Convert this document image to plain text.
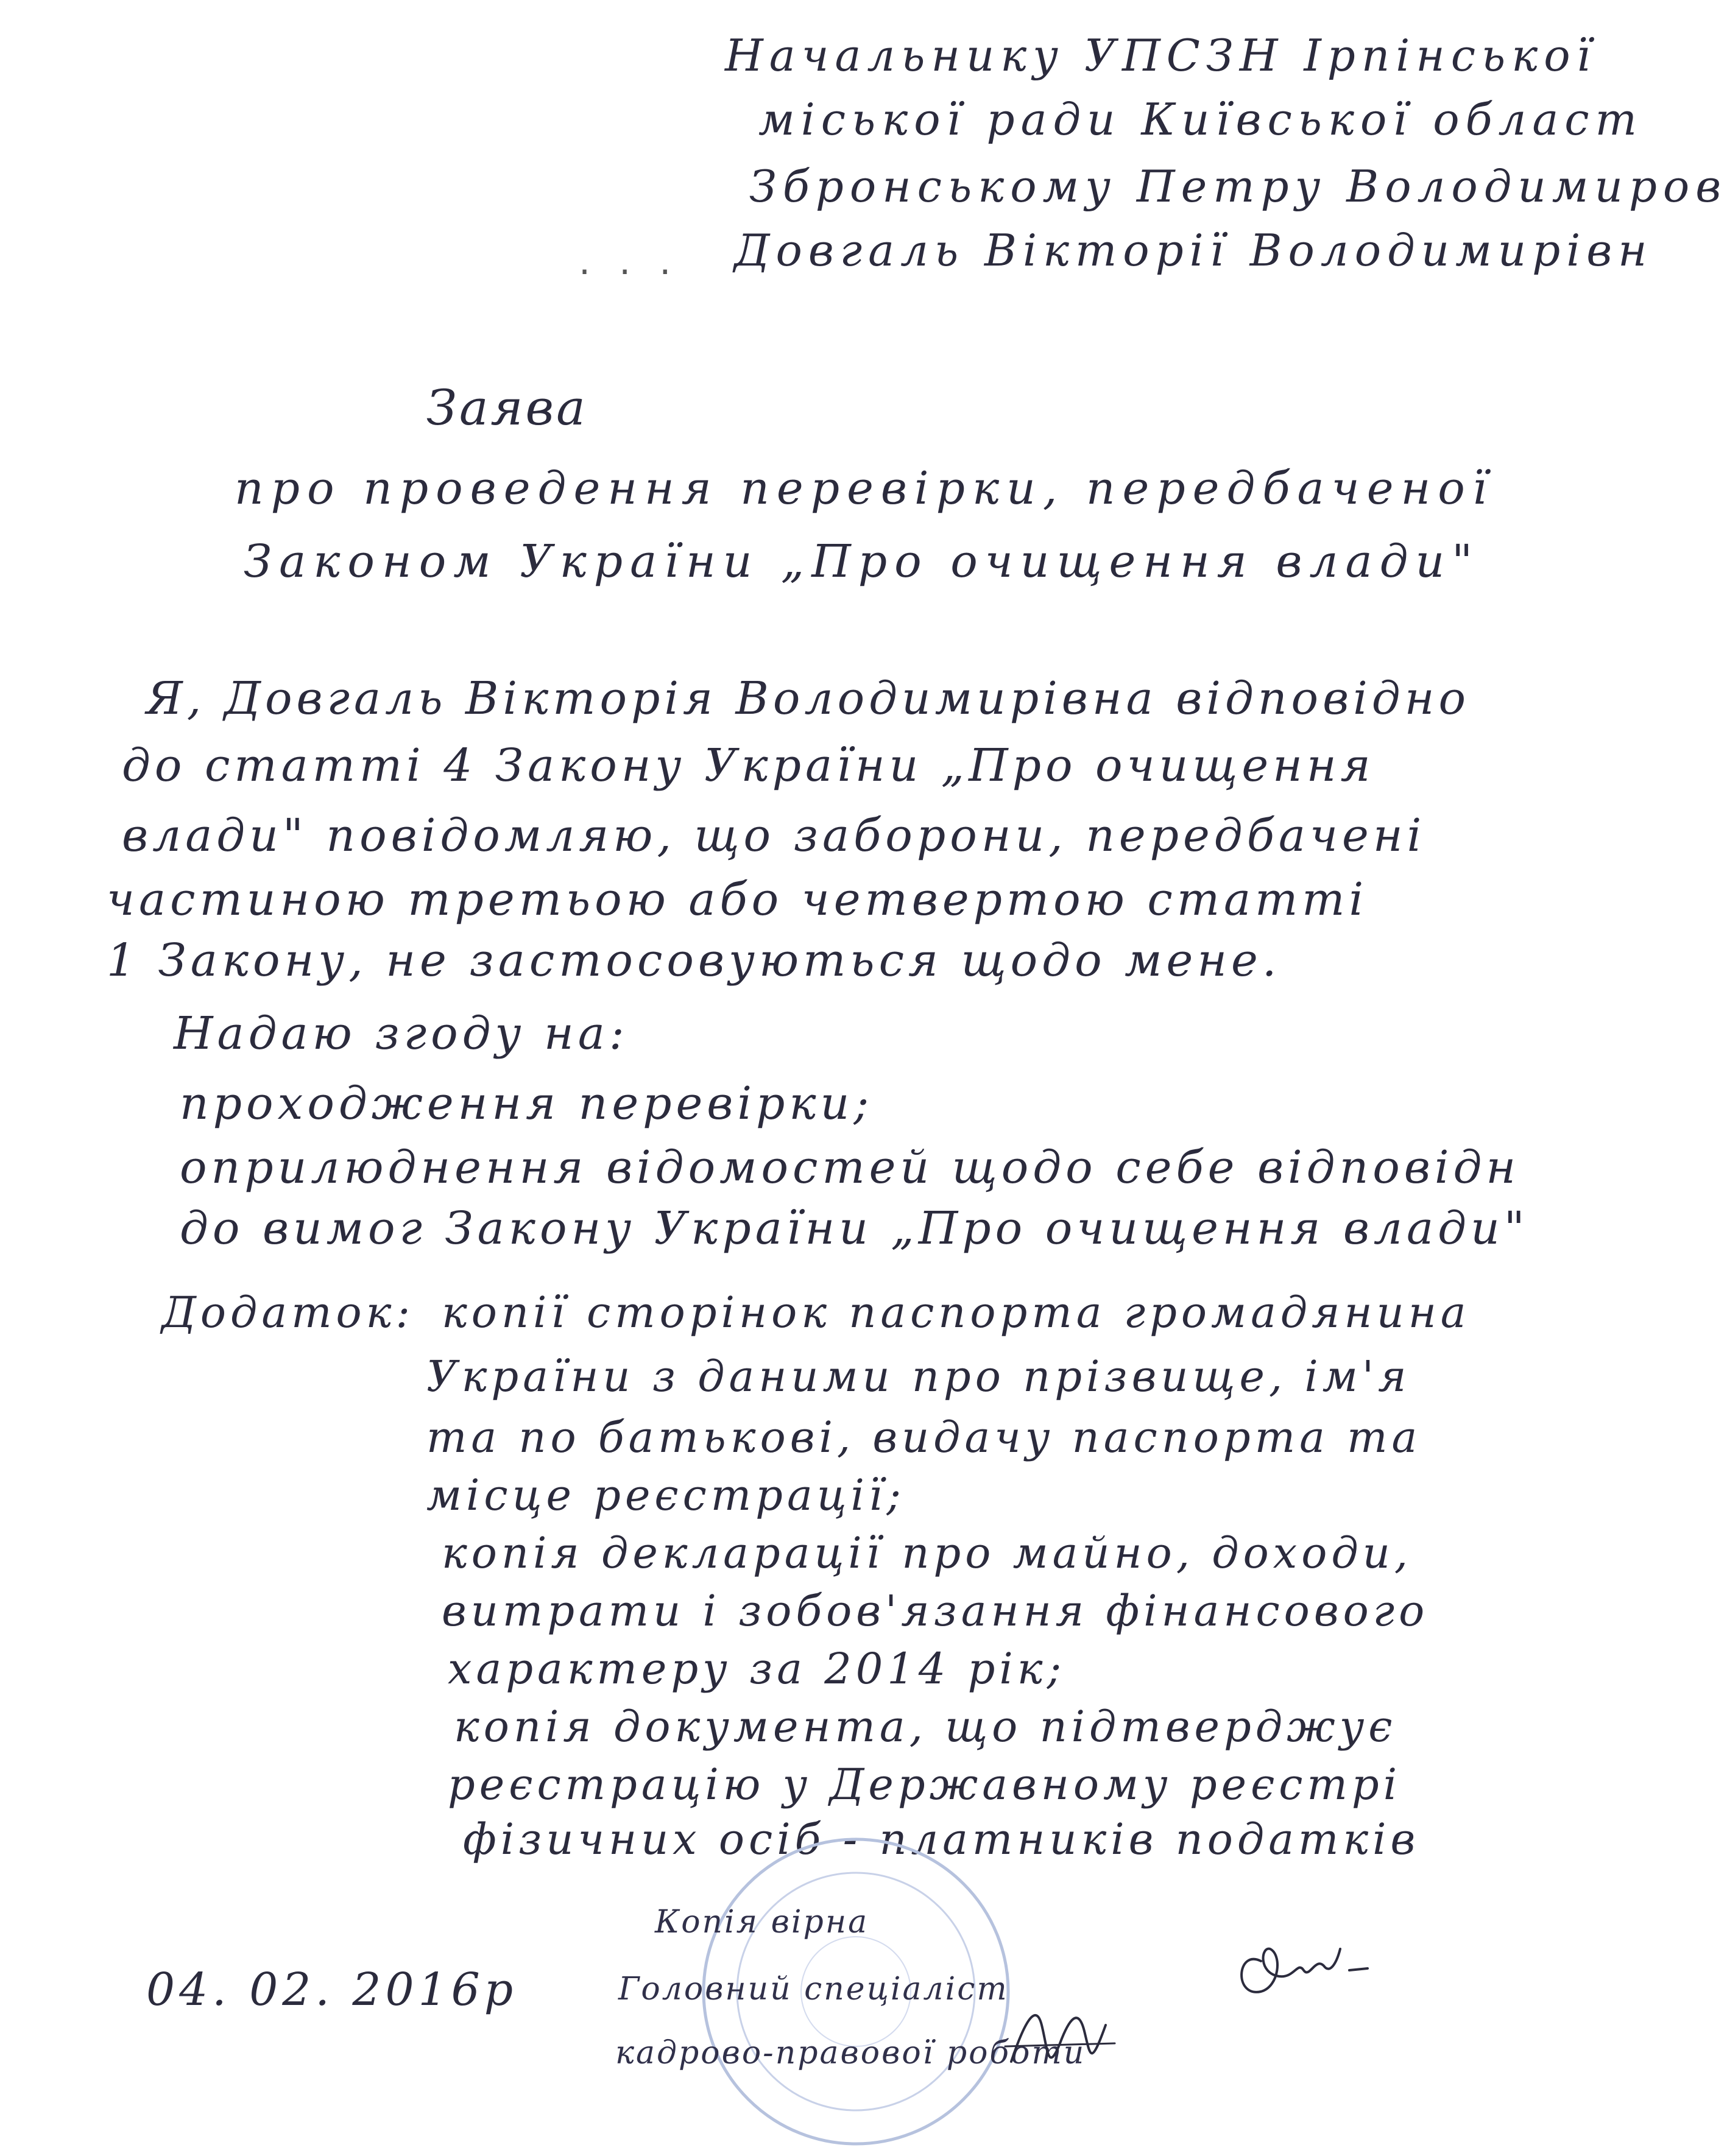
Начальнику УПСЗН Ірпінської
міської ради Київської област
Збронському Петру Володимиров
. . . Довгаль Вікторії Володимирівн
Заява
про проведення перевірки, передбаченої
Законом України „Про очищення влади"
Я, Довгаль Вікторія Володимирівна відповідно
до статті 4 Закону України „Про очищення
влади" повідомляю, що заборони, передбачені
частиною третьою або четвертою статті
1 Закону, не застосовуються щодо мене.
Надаю згоду на:
проходження перевірки;
оприлюднення відомостей щодо себе відповідн
до вимог Закону України „Про очищення влади"
Додаток: копії сторінок паспорта громадянина
України з даними про прізвище, ім'я
та по батькові, видачу паспорта та
місце реєстрації;
копія декларації про майно, доходи,
витрати і зобов'язання фінансового
характеру за 2014 рік;
копія документа, що підтверджує
реєстрацію у Державному реєстрі
фізичних осіб - платників податків
04. 02. 2016р
Копія вірна
Головний спеціаліст
кадрово-правової роботи
